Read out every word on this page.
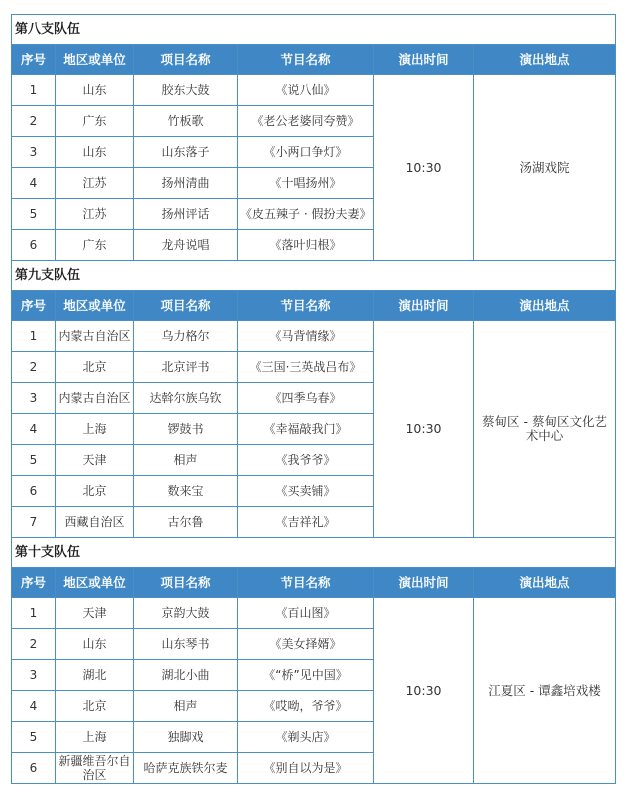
第八支队伍					
序号	地区或单位	项目名称	节目名称	演出时间	演出地点
1	山东	胶东大鼓	《说八仙》	10:30	汤湖戏院
2	广东	竹板歌	《老公老婆同夸赞》		
3	山东	山东落子	《小两口争灯》		
4	江苏	扬州清曲	《十唱扬州》		
5	江苏	扬州评话	《皮五辣子 · 假扮夫妻》		
6	广东	龙舟说唱	《落叶归根》		
第九支队伍					
序号	地区或单位	项目名称	节目名称	演出时间	演出地点
1	内蒙古自治区	乌力格尔	《马背情缘》	10:30	蔡甸区 - 蔡甸区文化艺术中心
2	北京	北京评书	《三国·三英战吕布》		
3	内蒙古自治区	达斡尔族乌钦	《四季乌春》		
4	上海	锣鼓书	《幸福敲我门》		
5	天津	相声	《我爷爷》		
6	北京	数来宝	《买卖铺》		
7	西藏自治区	古尔鲁	《吉祥礼》		
第十支队伍					
序号	地区或单位	项目名称	节目名称	演出时间	演出地点
1	天津	京韵大鼓	《百山图》	10:30	江夏区 - 谭鑫培戏楼
2	山东	山东琴书	《美女择婿》		
3	湖北	湖北小曲	《“桥”见中国》		
4	北京	相声	《哎呦，爷爷》		
5	上海	独脚戏	《剃头店》		
6	新疆维吾尔自治区	哈萨克族铁尔麦	《别自以为是》		
